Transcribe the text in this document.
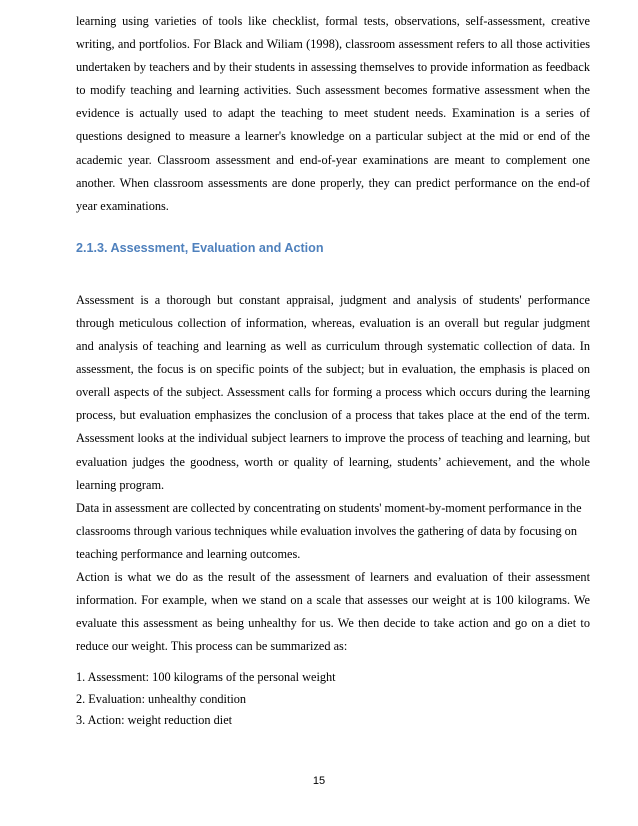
learning using varieties of tools like checklist, formal tests, observations, self-assessment, creative writing, and portfolios. For Black and Wiliam (1998), classroom assessment refers to all those activities undertaken by teachers and by their students in assessing themselves to provide information as feedback to modify teaching and learning activities. Such assessment becomes formative assessment when the evidence is actually used to adapt the teaching to meet student needs. Examination is a series of questions designed to measure a learner's knowledge on a particular subject at the mid or end of the academic year. Classroom assessment and end-of-year examinations are meant to complement one another. When classroom assessments are done properly, they can predict performance on the end-of year examinations.

2.1.3. Assessment, Evaluation and Action

Assessment is a thorough but constant appraisal, judgment and analysis of students' performance through meticulous collection of information, whereas, evaluation is an overall but regular judgment and analysis of teaching and learning as well as curriculum through systematic collection of data. In assessment, the focus is on specific points of the subject; but in evaluation, the emphasis is placed on overall aspects of the subject. Assessment calls for forming a process which occurs during the learning process, but evaluation emphasizes the conclusion of a process that takes place at the end of the term. Assessment looks at the individual subject learners to improve the process of teaching and learning, but evaluation judges the goodness, worth or quality of learning, students’ achievement, and the whole learning program.

Data in assessment are collected by concentrating on students' moment-by-moment performance in the classrooms through various techniques while evaluation involves the gathering of data by focusing on teaching performance and learning outcomes.

Action is what we do as the result of the assessment of learners and evaluation of their assessment information. For example, when we stand on a scale that assesses our weight at is 100 kilograms. We evaluate this assessment as being unhealthy for us. We then decide to take action and go on a diet to reduce our weight. This process can be summarized as:

1. Assessment: 100 kilograms of the personal weight
2. Evaluation: unhealthy condition
3. Action: weight reduction diet
15
